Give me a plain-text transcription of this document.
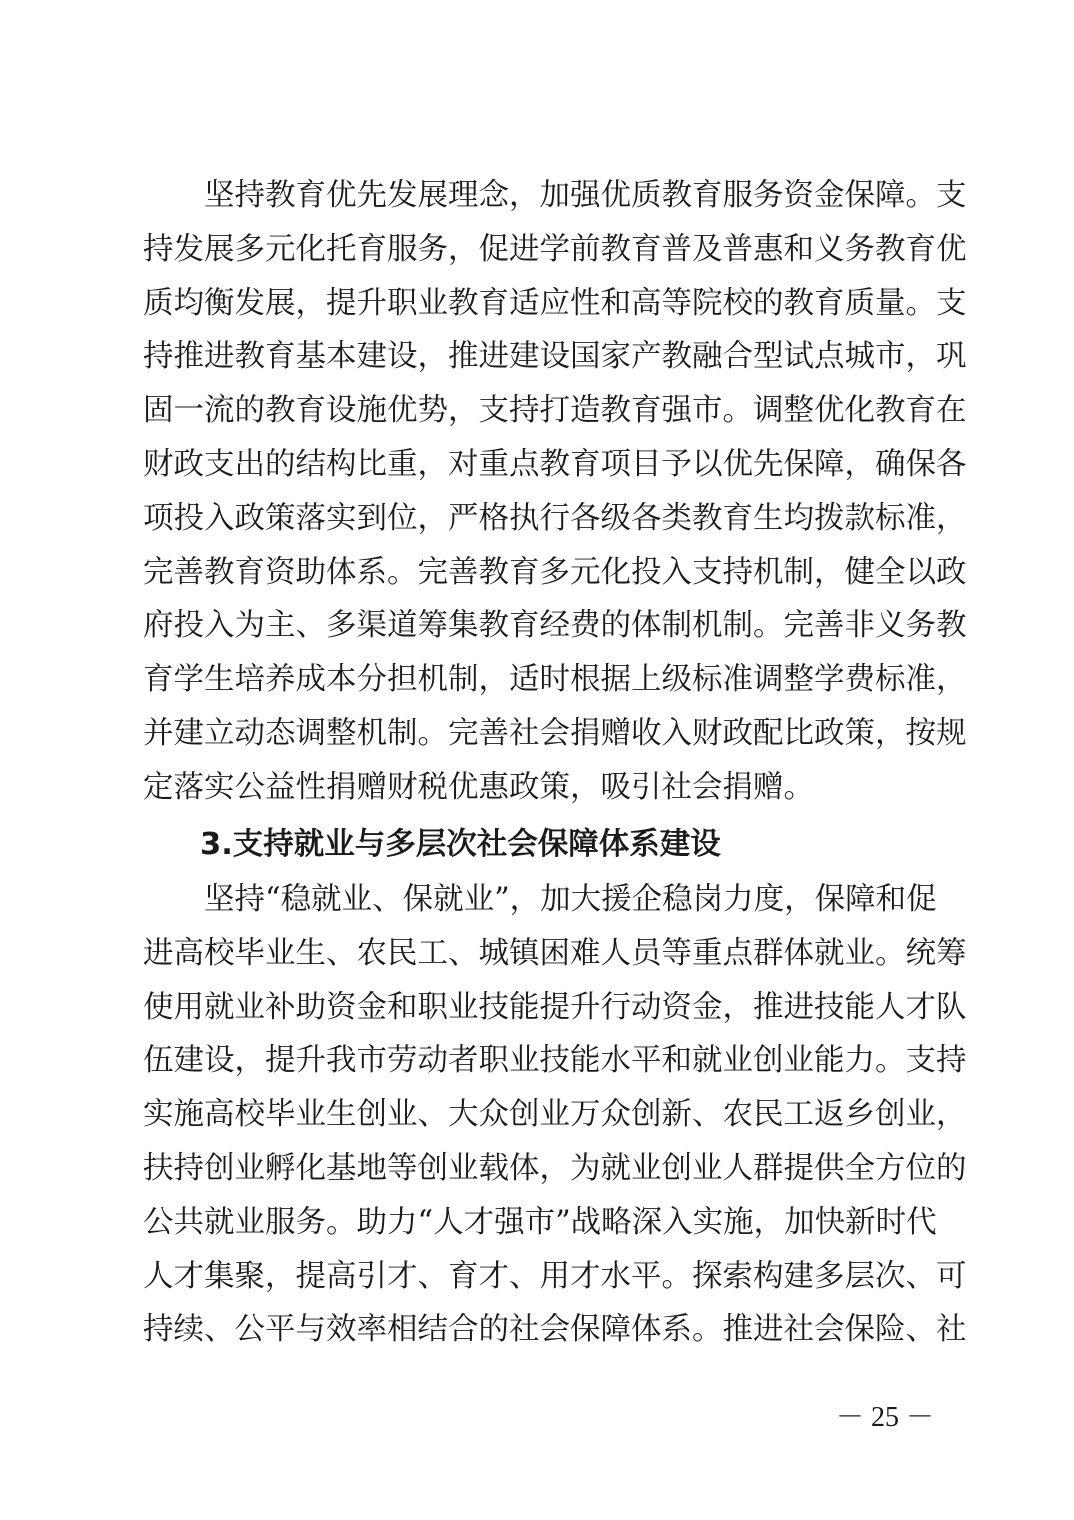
　　坚持教育优先发展理念，加强优质教育服务资金保障。支
持发展多元化托育服务，促进学前教育普及普惠和义务教育优
质均衡发展，提升职业教育适应性和高等院校的教育质量。支
持推进教育基本建设，推进建设国家产教融合型试点城市，巩
固一流的教育设施优势，支持打造教育强市。调整优化教育在
财政支出的结构比重，对重点教育项目予以优先保障，确保各
项投入政策落实到位，严格执行各级各类教育生均拨款标准，
完善教育资助体系。完善教育多元化投入支持机制，健全以政
府投入为主、多渠道筹集教育经费的体制机制。完善非义务教
育学生培养成本分担机制，适时根据上级标准调整学费标准，
并建立动态调整机制。完善社会捐赠收入财政配比政策，按规
定落实公益性捐赠财税优惠政策，吸引社会捐赠。
3.支持就业与多层次社会保障体系建设
　　坚持“稳就业、保就业”，加大援企稳岗力度，保障和促
进高校毕业生、农民工、城镇困难人员等重点群体就业。统筹
使用就业补助资金和职业技能提升行动资金，推进技能人才队
伍建设，提升我市劳动者职业技能水平和就业创业能力。支持
实施高校毕业生创业、大众创业万众创新、农民工返乡创业，
扶持创业孵化基地等创业载体，为就业创业人群提供全方位的
公共就业服务。助力“人才强市”战略深入实施，加快新时代
人才集聚，提高引才、育才、用才水平。探索构建多层次、可
持续、公平与效率相结合的社会保障体系。推进社会保险、社
－ 25 －
